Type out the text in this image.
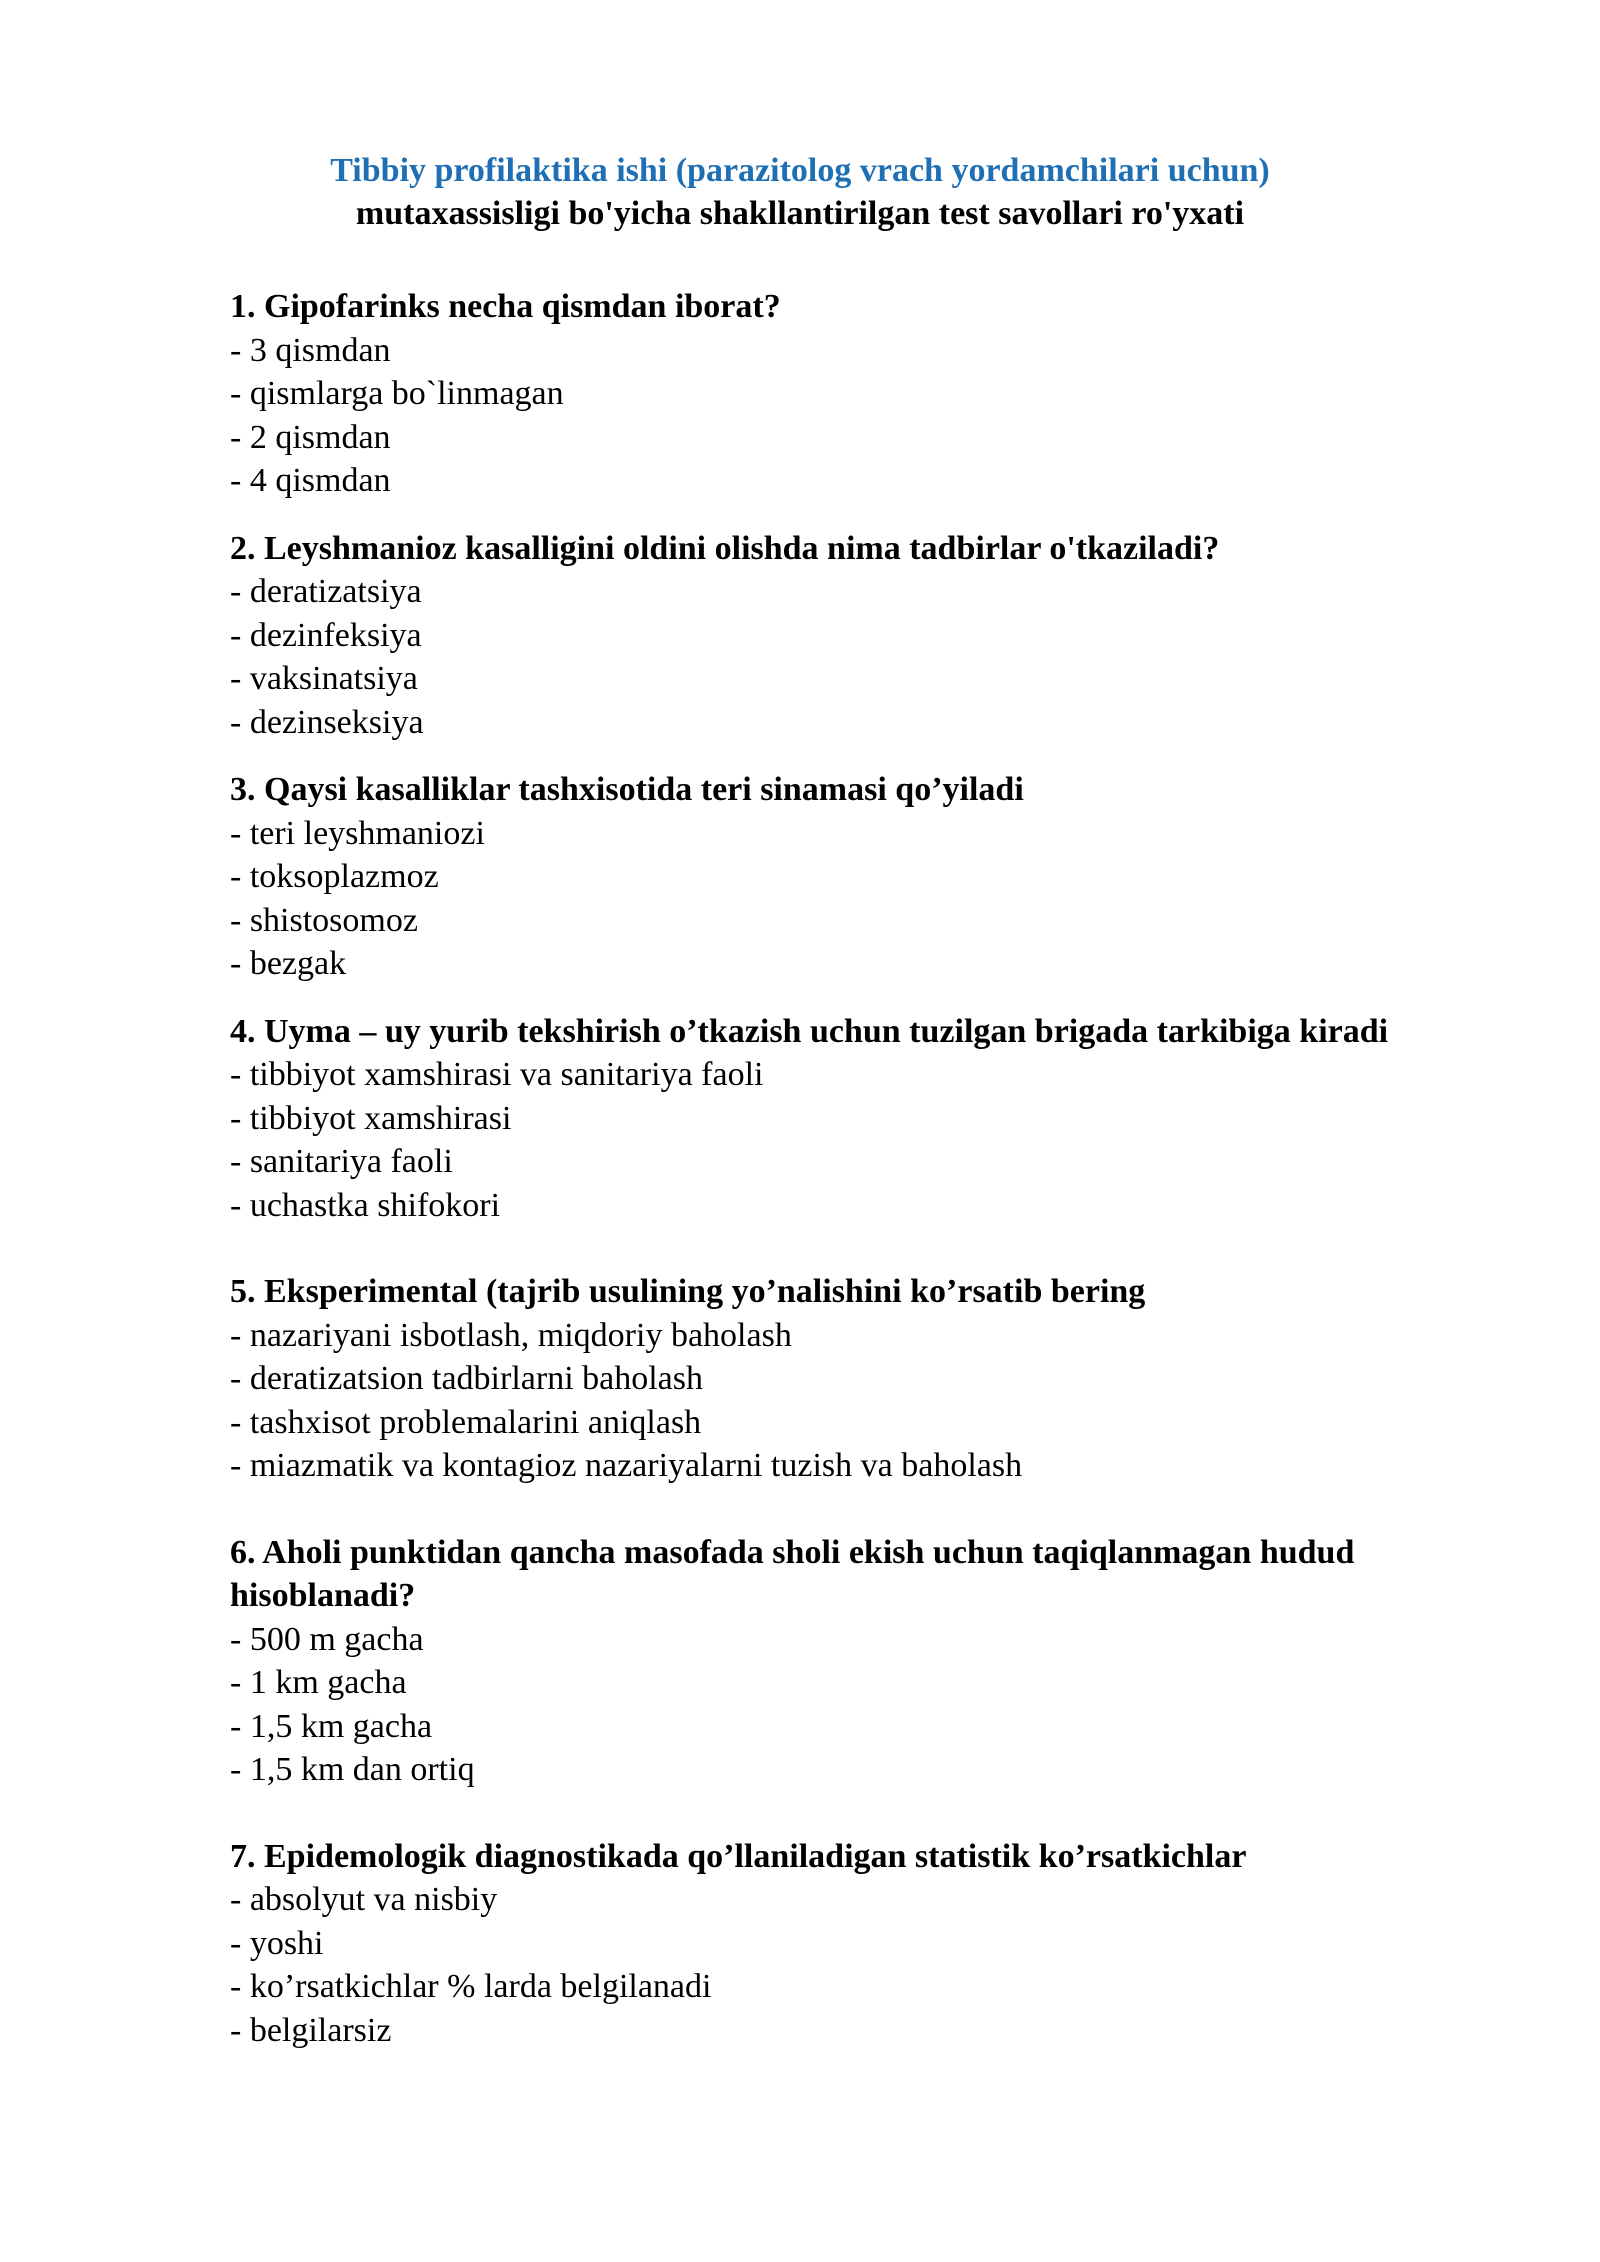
Tibbiy profilaktika ishi (parazitolog vrach yordamchilari uchun)

mutaxassisligi bo'yicha shakllantirilgan test savollari ro'yxati

1. Gipofarinks necha qismdan iborat?

- 3 qismdan
- qismlarga bo`linmagan
- 2 qismdan
- 4 qismdan

2. Leyshmanioz kasalligini oldini olishda nima tadbirlar o'tkaziladi?

- deratizatsiya
- dezinfeksiya
- vaksinatsiya
- dezinseksiya

3. Qaysi kasalliklar tashxisotida teri sinamasi qo’yiladi

- teri leyshmaniozi
- toksoplazmoz
- shistosomoz
- bezgak

4. Uyma – uy yurib tekshirish o’tkazish uchun tuzilgan brigada tarkibiga kiradi

- tibbiyot xamshirasi va sanitariya faoli
- tibbiyot xamshirasi
- sanitariya faoli
- uchastka shifokori

5. Eksperimental (tajrib usulining yo’nalishini ko’rsatib bering

- nazariyani isbotlash, miqdoriy baholash
- deratizatsion tadbirlarni baholash
- tashxisot problemalarini aniqlash
- miazmatik va kontagioz nazariyalarni tuzish va baholash

6. Aholi punktidan qancha masofada sholi ekish uchun taqiqlanmagan hudud hisoblanadi?

- 500 m gacha
- 1 km gacha
- 1,5 km gacha
- 1,5 km dan ortiq

7. Epidemologik diagnostikada qo’llaniladigan statistik ko’rsatkichlar

- absolyut va nisbiy
- yoshi
- ko’rsatkichlar % larda belgilanadi
- belgilarsiz
